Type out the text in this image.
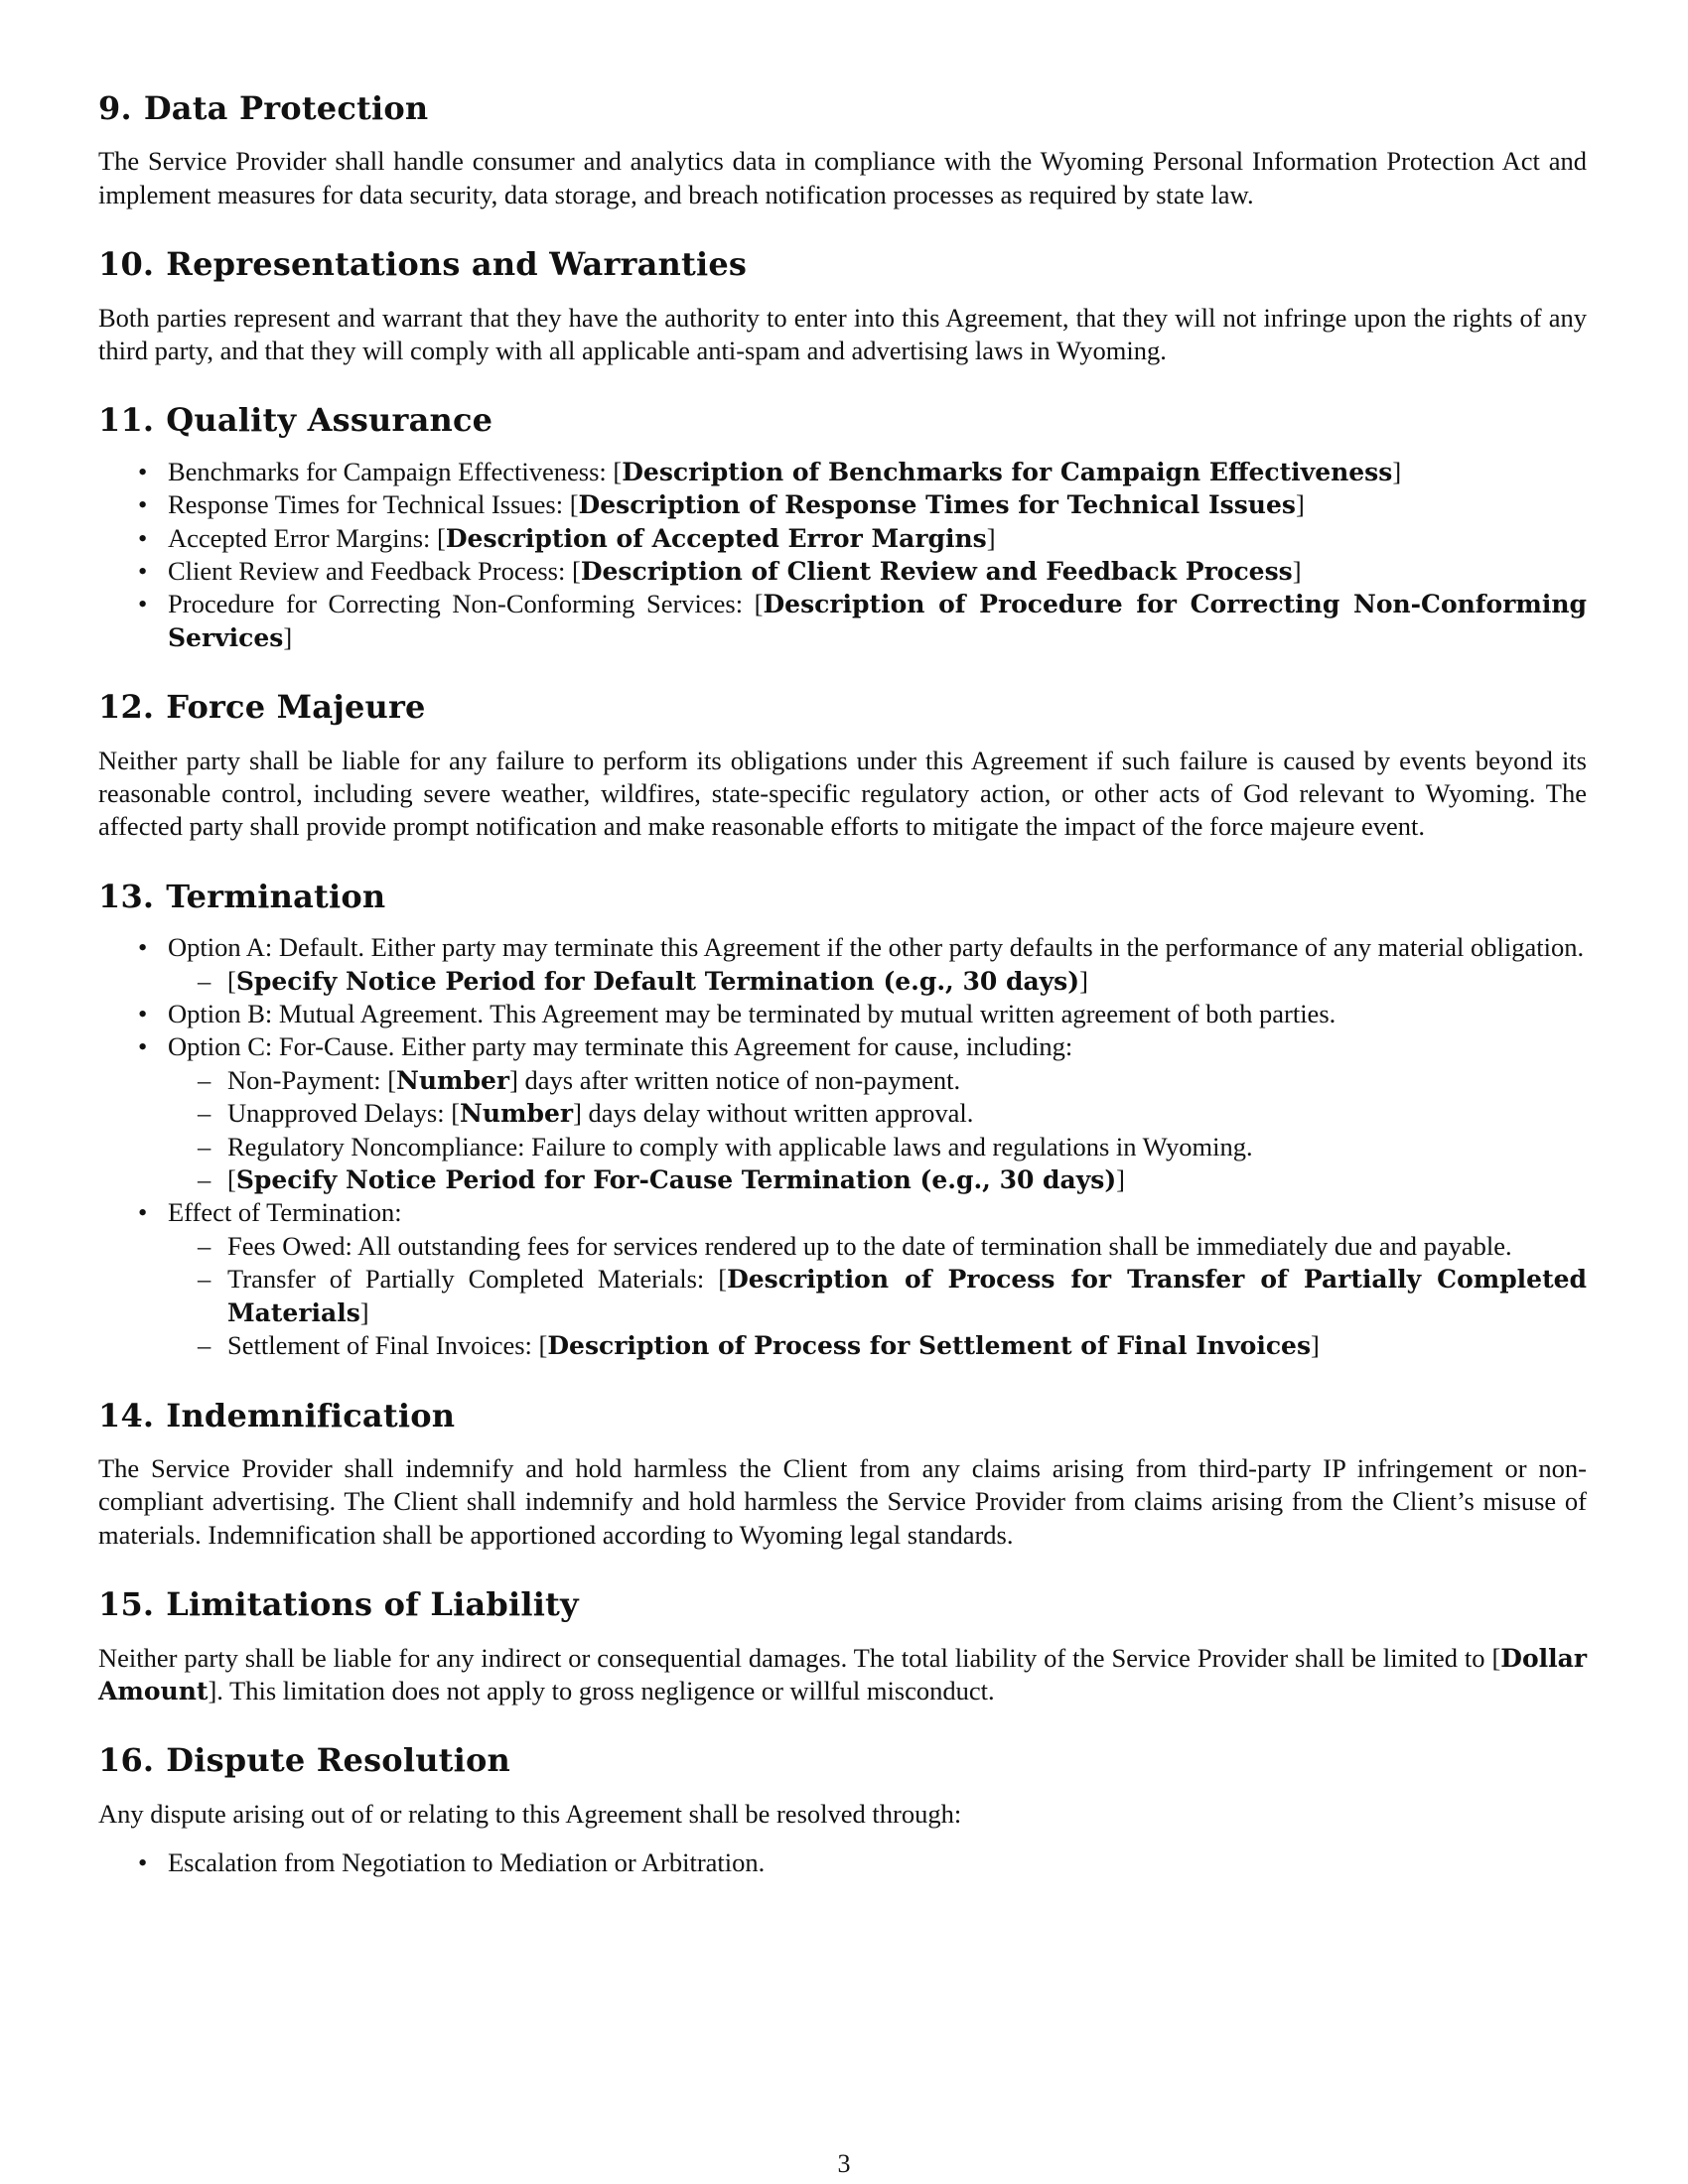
9. Data Protection

The Service Provider shall handle consumer and analytics data in compliance with the Wyoming Personal Information Protection Act and implement measures for data security, data storage, and breach notification processes as required by state law.

10. Representations and Warranties

Both parties represent and warrant that they have the authority to enter into this Agreement, that they will not infringe upon the rights of any third party, and that they will comply with all applicable anti-spam and advertising laws in Wyoming.

11. Quality Assurance
• Benchmarks for Campaign Effectiveness: [Description of Benchmarks for Campaign Effectiveness]
• Response Times for Technical Issues: [Description of Response Times for Technical Issues]
• Accepted Error Margins: [Description of Accepted Error Margins]
• Client Review and Feedback Process: [Description of Client Review and Feedback Process]
• Procedure for Correcting Non-Conforming Services: [Description of Procedure for Correcting Non-Conforming Services]
12. Force Majeure

Neither party shall be liable for any failure to perform its obligations under this Agreement if such failure is caused by events beyond its reasonable control, including severe weather, wildfires, state-specific regulatory action, or other acts of God relevant to Wyoming. The affected party shall provide prompt notification and make reasonable efforts to mitigate the impact of the force majeure event.

13. Termination
• Option A: Default. Either party may terminate this Agreement if the other party defaults in the performance of any material obligation.
– [Specify Notice Period for Default Termination (e.g., 30 days)]
• Option B: Mutual Agreement. This Agreement may be terminated by mutual written agreement of both parties.
• Option C: For-Cause. Either party may terminate this Agreement for cause, including:
– Non-Payment: [Number] days after written notice of non-payment.
– Unapproved Delays: [Number] days delay without written approval.
– Regulatory Noncompliance: Failure to comply with applicable laws and regulations in Wyoming.
– [Specify Notice Period for For-Cause Termination (e.g., 30 days)]
• Effect of Termination:
– Fees Owed: All outstanding fees for services rendered up to the date of termination shall be immediately due and payable.
– Transfer of Partially Completed Materials: [Description of Process for Transfer of Partially Completed Materials]
– Settlement of Final Invoices: [Description of Process for Settlement of Final Invoices]
14. Indemnification

The Service Provider shall indemnify and hold harmless the Client from any claims arising from third-party IP infringement or non-compliant advertising. The Client shall indemnify and hold harmless the Service Provider from claims arising from the Client’s misuse of materials. Indemnification shall be apportioned according to Wyoming legal standards.

15. Limitations of Liability

Neither party shall be liable for any indirect or consequential damages. The total liability of the Service Provider shall be limited to [Dollar Amount]. This limitation does not apply to gross negligence or willful misconduct.

16. Dispute Resolution

Any dispute arising out of or relating to this Agreement shall be resolved through:

• Escalation from Negotiation to Mediation or Arbitration.
3
